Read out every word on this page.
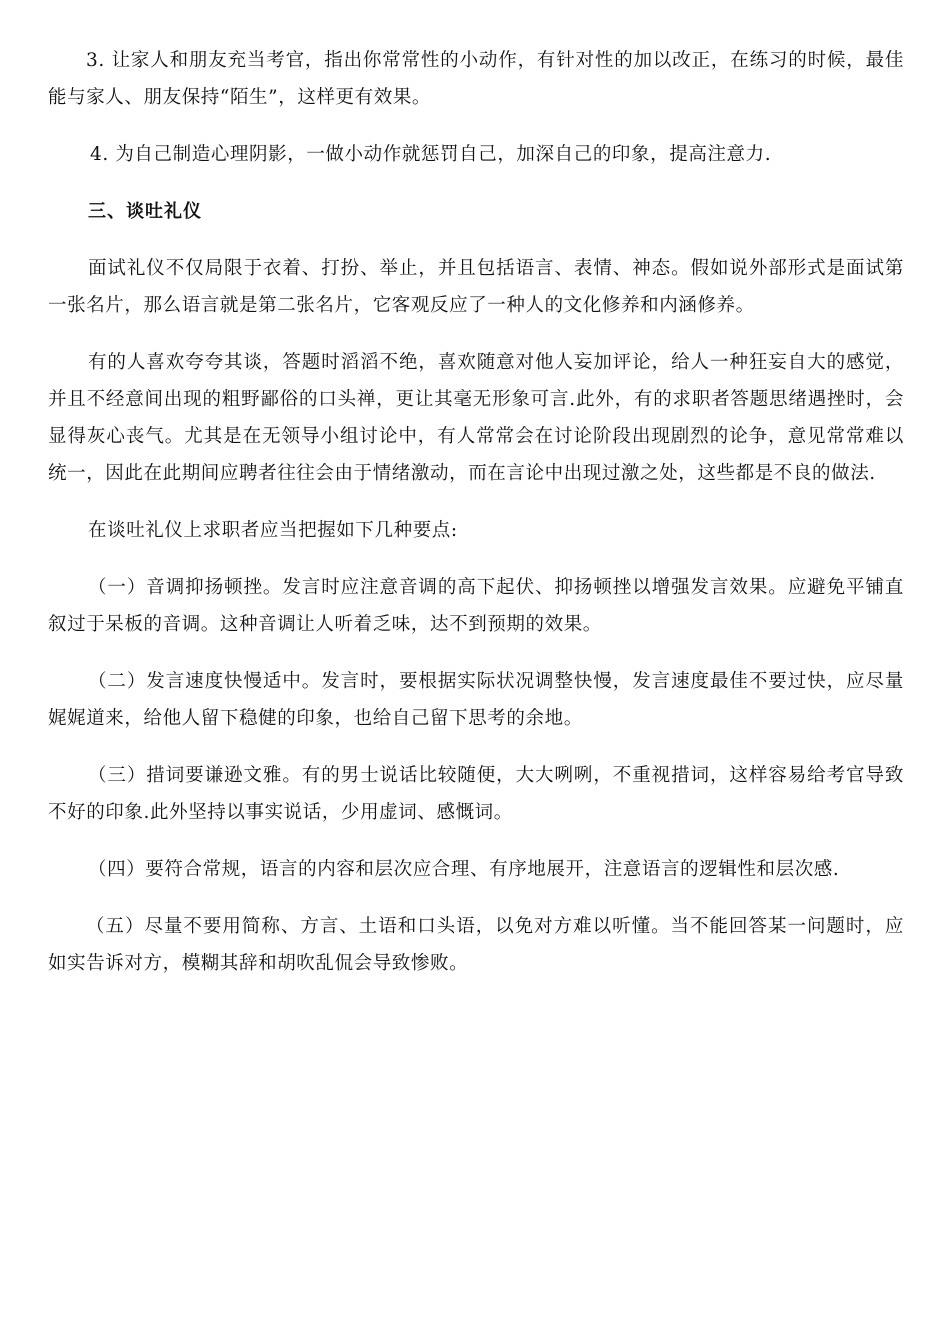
3. 让家人和朋友充当考官，指出你常常性的小动作，有针对性的加以改正，在练习的时候，最佳能与家人、朋友保持“陌生”，这样更有效果。

4. 为自己制造心理阴影，一做小动作就惩罚自己，加深自己的印象，提高注意力.

三、谈吐礼仪

面试礼仪不仅局限于衣着、打扮、举止，并且包括语言、表情、神态。假如说外部形式是面试第一张名片，那么语言就是第二张名片，它客观反应了一种人的文化修养和内涵修养。

有的人喜欢夸夸其谈，答题时滔滔不绝，喜欢随意对他人妄加评论，给人一种狂妄自大的感觉，并且不经意间出现的粗野鄙俗的口头禅，更让其毫无形象可言.此外，有的求职者答题思绪遇挫时，会显得灰心丧气。尤其是在无领导小组讨论中，有人常常会在讨论阶段出现剧烈的论争，意见常常难以统一，因此在此期间应聘者往往会由于情绪激动，而在言论中出现过激之处，这些都是不良的做法.

在谈吐礼仪上求职者应当把握如下几种要点:

（一）音调抑扬顿挫。发言时应注意音调的高下起伏、抑扬顿挫以增强发言效果。应避免平铺直叙过于呆板的音调。这种音调让人听着乏味，达不到预期的效果。

（二）发言速度快慢适中。发言时，要根据实际状况调整快慢，发言速度最佳不要过快，应尽量娓娓道来，给他人留下稳健的印象，也给自己留下思考的余地。

（三）措词要谦逊文雅。有的男士说话比较随便，大大咧咧，不重视措词，这样容易给考官导致不好的印象.此外坚持以事实说话，少用虚词、感慨词。

（四）要符合常规，语言的内容和层次应合理、有序地展开，注意语言的逻辑性和层次感.

（五）尽量不要用简称、方言、土语和口头语，以免对方难以听懂。当不能回答某一问题时，应如实告诉对方，模糊其辞和胡吹乱侃会导致惨败。
